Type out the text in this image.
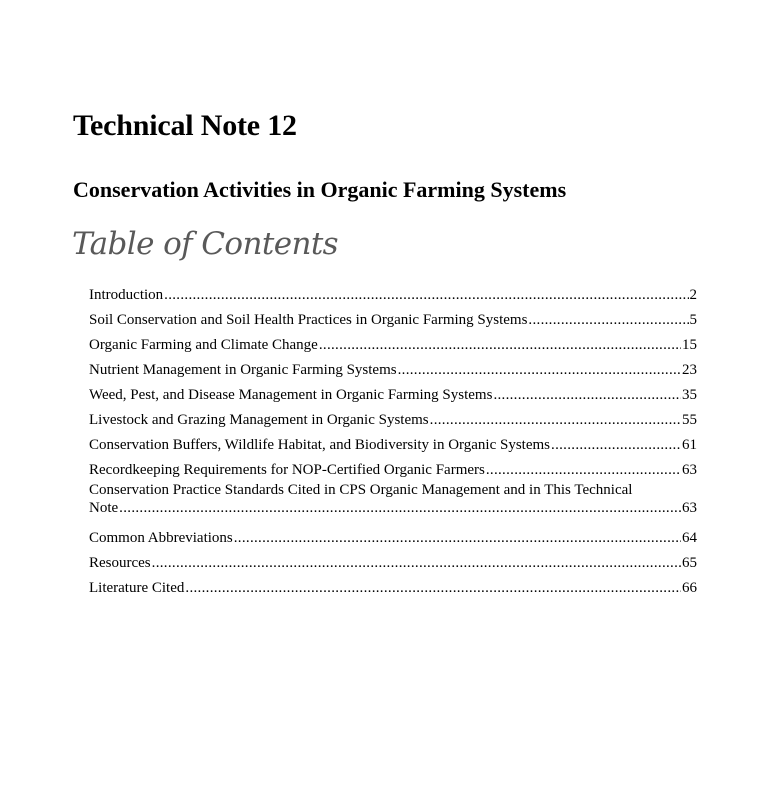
Technical Note 12
Conservation Activities in Organic Farming Systems
Table of Contents
Introduction .....	2
Soil Conservation and Soil Health Practices in Organic Farming Systems .....	5
Organic Farming and Climate Change .....	15
Nutrient Management in Organic Farming Systems .....	23
Weed, Pest, and Disease Management in Organic Farming Systems .....	35
Livestock and Grazing Management in Organic Systems .....	55
Conservation Buffers, Wildlife Habitat, and Biodiversity in Organic Systems .....	61
Recordkeeping Requirements for NOP-Certified Organic Farmers .....	63
Conservation Practice Standards Cited in CPS Organic Management and in This Technical
Note .....	63
Common Abbreviations .....	64
Resources .....	65
Literature Cited .....	66
